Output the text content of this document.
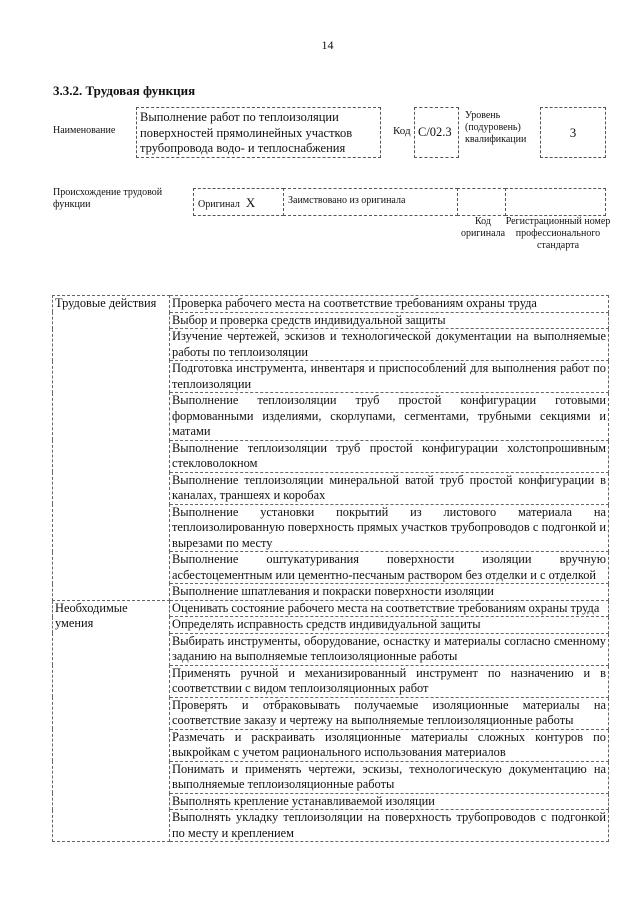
14
3.3.2. Трудовая функция
Наименование
Выполнение работ по теплоизоляции поверхностей прямолинейных участков трубопровода водо- и теплоснабжения
Код C/02.3
Уровень (подуровень) квалификации	3
Происхождение трудовой функции	Оригинал X	Заимствовано из оригинала
Код оригинала
Регистрационный номер профессионального стандарта
Трудовые действия	Проверка рабочего места на соответствие требованиям охраны труда
	Выбор и проверка средств индивидуальной защиты
	Изучение чертежей, эскизов и технологической документации на выполняемые работы по теплоизоляции
	Подготовка инструмента, инвентаря и приспособлений для выполнения работ по теплоизоляции
	Выполнение теплоизоляции труб простой конфигурации готовыми формованными изделиями, скорлупами, сегментами, трубными секциями и матами
	Выполнение теплоизоляции труб простой конфигурации холстопрошивным стекловолокном
	Выполнение теплоизоляции минеральной ватой труб простой конфигурации в каналах, траншеях и коробах
	Выполнение установки покрытий из листового материала на теплоизолированную поверхность прямых участков трубопроводов с подгонкой и вырезами по месту
	Выполнение оштукатуривания поверхности изоляции вручную асбестоцементным или цементно-песчаным раствором без отделки и с отделкой
	Выполнение шпатлевания и покраски поверхности изоляции
Необходимые умения	Оценивать состояние рабочего места на соответствие требованиям охраны труда
	Определять исправность средств индивидуальной защиты
	Выбирать инструменты, оборудование, оснастку и материалы согласно сменному заданию на выполняемые теплоизоляционные работы
	Применять ручной и механизированный инструмент по назначению и в соответствии с видом теплоизоляционных работ
	Проверять и отбраковывать получаемые изоляционные материалы на соответствие заказу и чертежу на выполняемые теплоизоляционные работы
	Размечать и раскраивать изоляционные материалы сложных контуров по выкройкам с учетом рационального использования материалов
	Понимать и применять чертежи, эскизы, технологическую документацию на выполняемые теплоизоляционные работы
	Выполнять крепление устанавливаемой изоляции
	Выполнять укладку теплоизоляции на поверхность трубопроводов с подгонкой по месту и креплением
